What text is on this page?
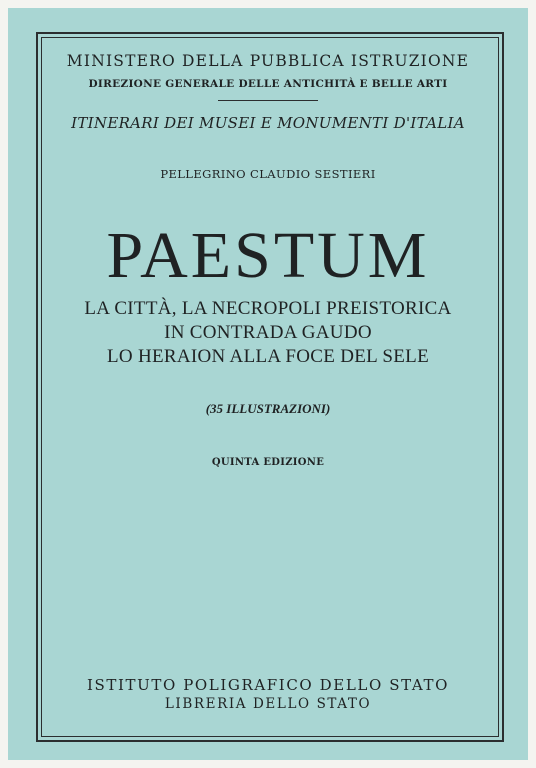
MINISTERO DELLA PUBBLICA ISTRUZIONE
DIREZIONE GENERALE DELLE ANTICHITÀ E BELLE ARTI
ITINERARI DEI MUSEI E MONUMENTI D'ITALIA
PELLEGRINO CLAUDIO SESTIERI
PAESTUM
LA CITTÀ, LA NECROPOLI PREISTORICA
IN CONTRADA GAUDO
LO HERAION ALLA FOCE DEL SELE
(35 ILLUSTRAZIONI)
QUINTA EDIZIONE
ISTITUTO POLIGRAFICO DELLO STATO
LIBRERIA DELLO STATO
